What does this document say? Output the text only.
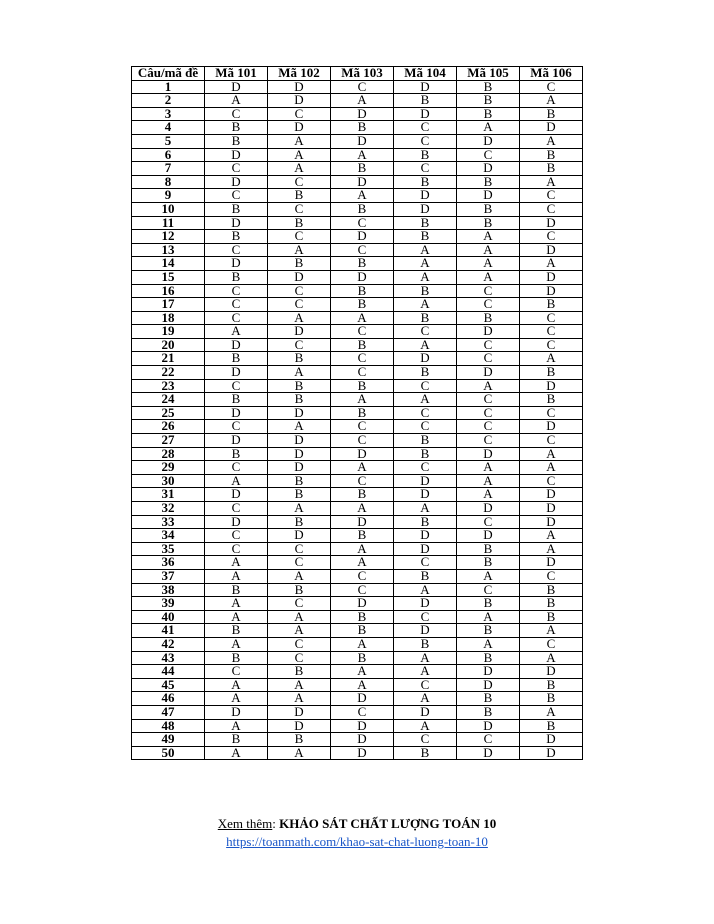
Câu/mã đề	Mã 101	Mã 102	Mã 103	Mã 104	Mã 105	Mã 106
1	D	D	C	D	B	C
2	A	D	A	B	B	A
3	C	C	D	D	B	B
4	B	D	B	C	A	D
5	B	A	D	C	D	A
6	D	A	A	B	C	B
7	C	A	B	C	D	B
8	D	C	D	B	B	A
9	C	B	A	D	D	C
10	B	C	B	D	B	C
11	D	B	C	B	B	D
12	B	C	D	B	A	C
13	C	A	C	A	A	D
14	D	B	B	A	A	A
15	B	D	D	A	A	D
16	C	C	B	B	C	D
17	C	C	B	A	C	B
18	C	A	A	B	B	C
19	A	D	C	C	D	C
20	D	C	B	A	C	C
21	B	B	C	D	C	A
22	D	A	C	B	D	B
23	C	B	B	C	A	D
24	B	B	A	A	C	B
25	D	D	B	C	C	C
26	C	A	C	C	C	D
27	D	D	C	B	C	C
28	B	D	D	B	D	A
29	C	D	A	C	A	A
30	A	B	C	D	A	C
31	D	B	B	D	A	D
32	C	A	A	A	D	D
33	D	B	D	B	C	D
34	C	D	B	D	D	A
35	C	C	A	D	B	A
36	A	C	A	C	B	D
37	A	A	C	B	A	C
38	B	B	C	A	C	B
39	A	C	D	D	B	B
40	A	A	B	C	A	B
41	B	A	B	D	B	A
42	A	C	A	B	A	C
43	B	C	B	A	B	A
44	C	B	A	A	D	D
45	A	A	A	C	D	B
46	A	A	D	A	B	B
47	D	D	C	D	B	A
48	A	D	D	A	D	B
49	B	B	D	C	C	D
50	A	A	D	B	D	D
Xem thêm: KHẢO SÁT CHẤT LƯỢNG TOÁN 10
https://toanmath.com/khao-sat-chat-luong-toan-10
